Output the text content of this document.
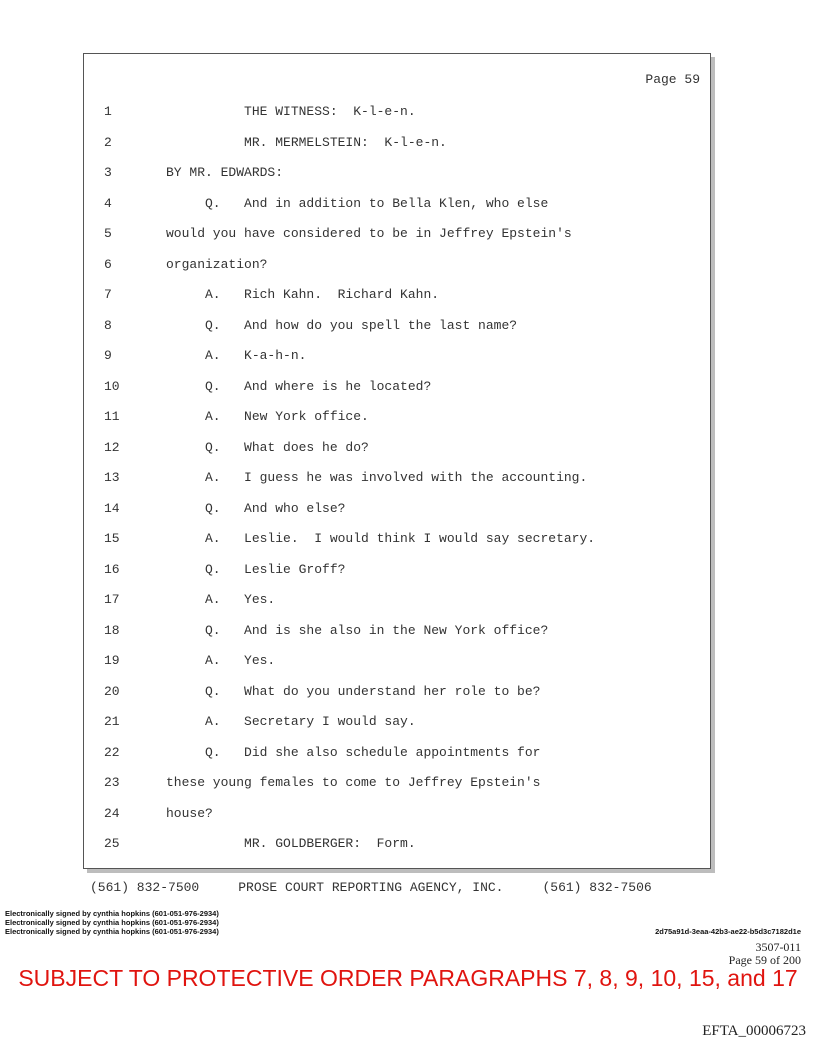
Page 59
1	THE WITNESS:  K-l-e-n.
2	MR. MERMELSTEIN:  K-l-e-n.
3	BY MR. EDWARDS:
4	Q.   And in addition to Bella Klen, who else
5	would you have considered to be in Jeffrey Epstein's
6	organization?
7	A.   Rich Kahn.  Richard Kahn.
8	Q.   And how do you spell the last name?
9	A.   K-a-h-n.
10	Q.   And where is he located?
11	A.   New York office.
12	Q.   What does he do?
13	A.   I guess he was involved with the accounting.
14	Q.   And who else?
15	A.   Leslie.  I would think I would say secretary.
16	Q.   Leslie Groff?
17	A.   Yes.
18	Q.   And is she also in the New York office?
19	A.   Yes.
20	Q.   What do you understand her role to be?
21	A.   Secretary I would say.
22	Q.   Did she also schedule appointments for
23	these young females to come to Jeffrey Epstein's
24	house?
25	MR. GOLDBERGER:  Form.
(561) 832-7500     PROSE COURT REPORTING AGENCY, INC.     (561) 832-7506
Electronically signed by cynthia hopkins (601-051-976-2934)
Electronically signed by cynthia hopkins (601-051-976-2934)
Electronically signed by cynthia hopkins (601-051-976-2934)	2d75a91d-3eaa-42b3-ae22-b5d3c7182d1e
3507-011
Page 59 of 200
SUBJECT TO PROTECTIVE ORDER PARAGRAPHS 7, 8, 9, 10, 15, and 17
EFTA_00006723
